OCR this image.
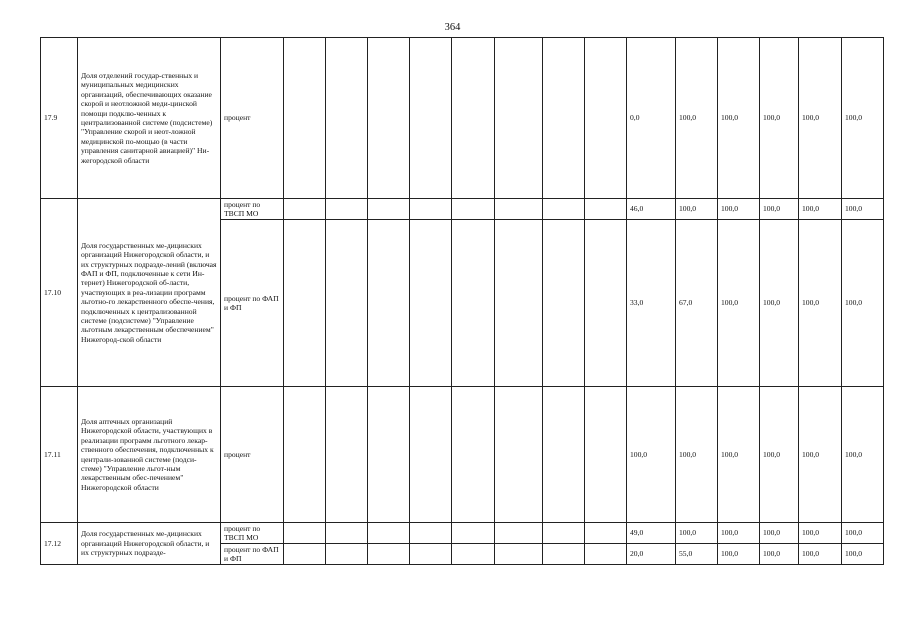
364
17.9	Доля отделений государ-ственных и муниципальных медицинских организаций, обеспечивающих оказание скорой и неотложной меди-цинской помощи подклю-ченных к централизованной системе (подсистеме) "Управление скорой и неот-ложной медицинской по-мощью (в части управления санитарной авиацией)" Ни-жегородской области	процент									0,0	100,0	100,0	100,0	100,0	100,0
17.10	Доля государственных ме-дицинских организаций Нижегородской области, и их структурных подразде-лений (включая ФАП и ФП, подключенные к сети Ин-тернет) Нижегородской об-ласти, участвующих в реа-лизации программ льготно-го лекарственного обеспе-чения, подключенных к централизованной системе (подсистеме) "Управление льготным лекарственным обеспечением" Нижегород-ской области	процент по ТВСП МО									46,0	100,0	100,0	100,0	100,0	100,0
		процент по ФАП и ФП									33,0	67,0	100,0	100,0	100,0	100,0
17.11	Доля аптечных организаций Нижегородской области, участвующих в реализации программ льготного лекар-ственного обеспечения, подключенных к централи-зованной системе (подси-стеме) "Управление льгот-ным лекарственным обес-печением" Нижегородской области	процент									100,0	100,0	100,0	100,0	100,0	100,0
17.12	Доля государственных ме-дицинских организаций Нижегородской области, и их структурных подразде-	процент по ТВСП МО									49,0	100,0	100,0	100,0	100,0	100,0
		процент по ФАП и ФП									20,0	55,0	100,0	100,0	100,0	100,0
